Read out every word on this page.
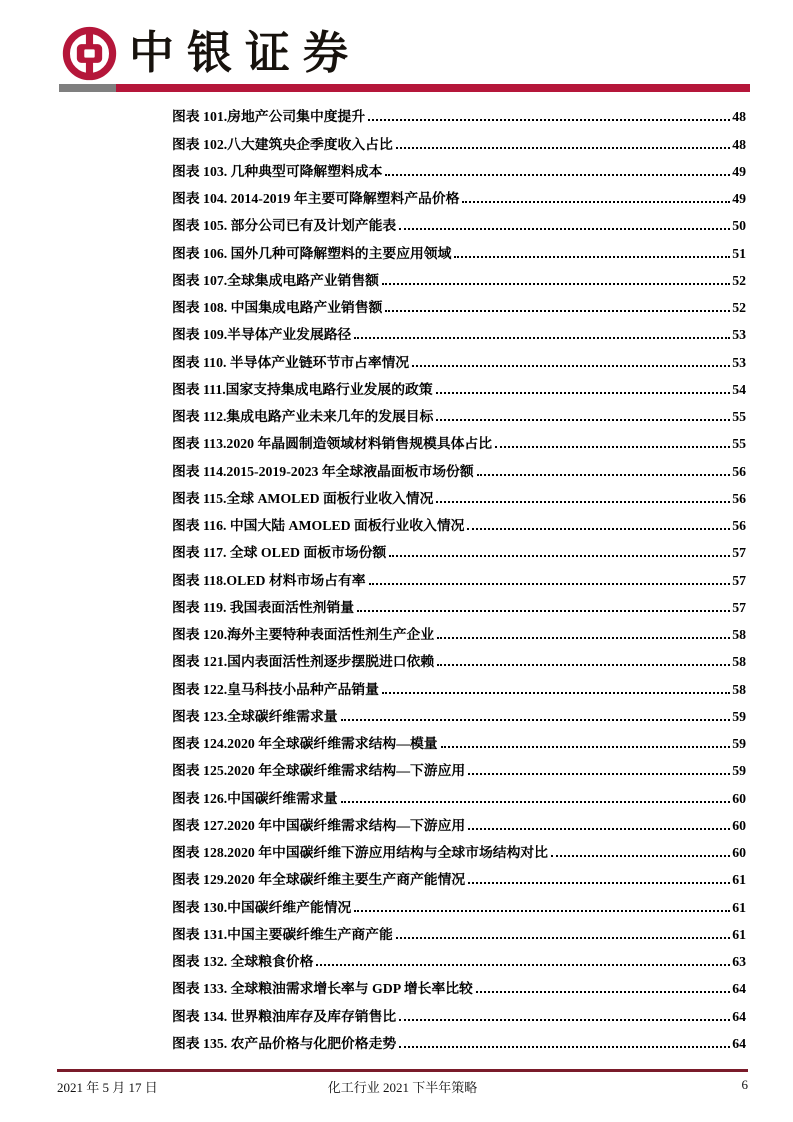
中银证券
图表 101.房地产公司集中度提升	48
图表 102.八大建筑央企季度收入占比	48
图表 103. 几种典型可降解塑料成本	49
图表 104. 2014-2019 年主要可降解塑料产品价格	49
图表 105. 部分公司已有及计划产能表	50
图表 106. 国外几种可降解塑料的主要应用领域	51
图表 107.全球集成电路产业销售额	52
图表 108. 中国集成电路产业销售额	52
图表 109.半导体产业发展路径	53
图表 110. 半导体产业链环节市占率情况	53
图表 111.国家支持集成电路行业发展的政策	54
图表 112.集成电路产业未来几年的发展目标	55
图表 113.2020 年晶圆制造领域材料销售规模具体占比	55
图表 114.2015-2019-2023 年全球液晶面板市场份额	56
图表 115.全球 AMOLED 面板行业收入情况	56
图表 116. 中国大陆 AMOLED 面板行业收入情况	56
图表 117. 全球 OLED 面板市场份额	57
图表 118.OLED 材料市场占有率	57
图表 119. 我国表面活性剂销量	57
图表 120.海外主要特种表面活性剂生产企业	58
图表 121.国内表面活性剂逐步摆脱进口依赖	58
图表 122.皇马科技小品种产品销量	58
图表 123.全球碳纤维需求量	59
图表 124.2020 年全球碳纤维需求结构—模量	59
图表 125.2020 年全球碳纤维需求结构—下游应用	59
图表 126.中国碳纤维需求量	60
图表 127.2020 年中国碳纤维需求结构—下游应用	60
图表 128.2020 年中国碳纤维下游应用结构与全球市场结构对比	60
图表 129.2020 年全球碳纤维主要生产商产能情况	61
图表 130.中国碳纤维产能情况	61
图表 131.中国主要碳纤维生产商产能	61
图表 132. 全球粮食价格	63
图表 133. 全球粮油需求增长率与 GDP 增长率比较	64
图表 134. 世界粮油库存及库存销售比	64
图表 135. 农产品价格与化肥价格走势	64
2021 年 5 月 17 日	化工行业 2021 下半年策略	6
